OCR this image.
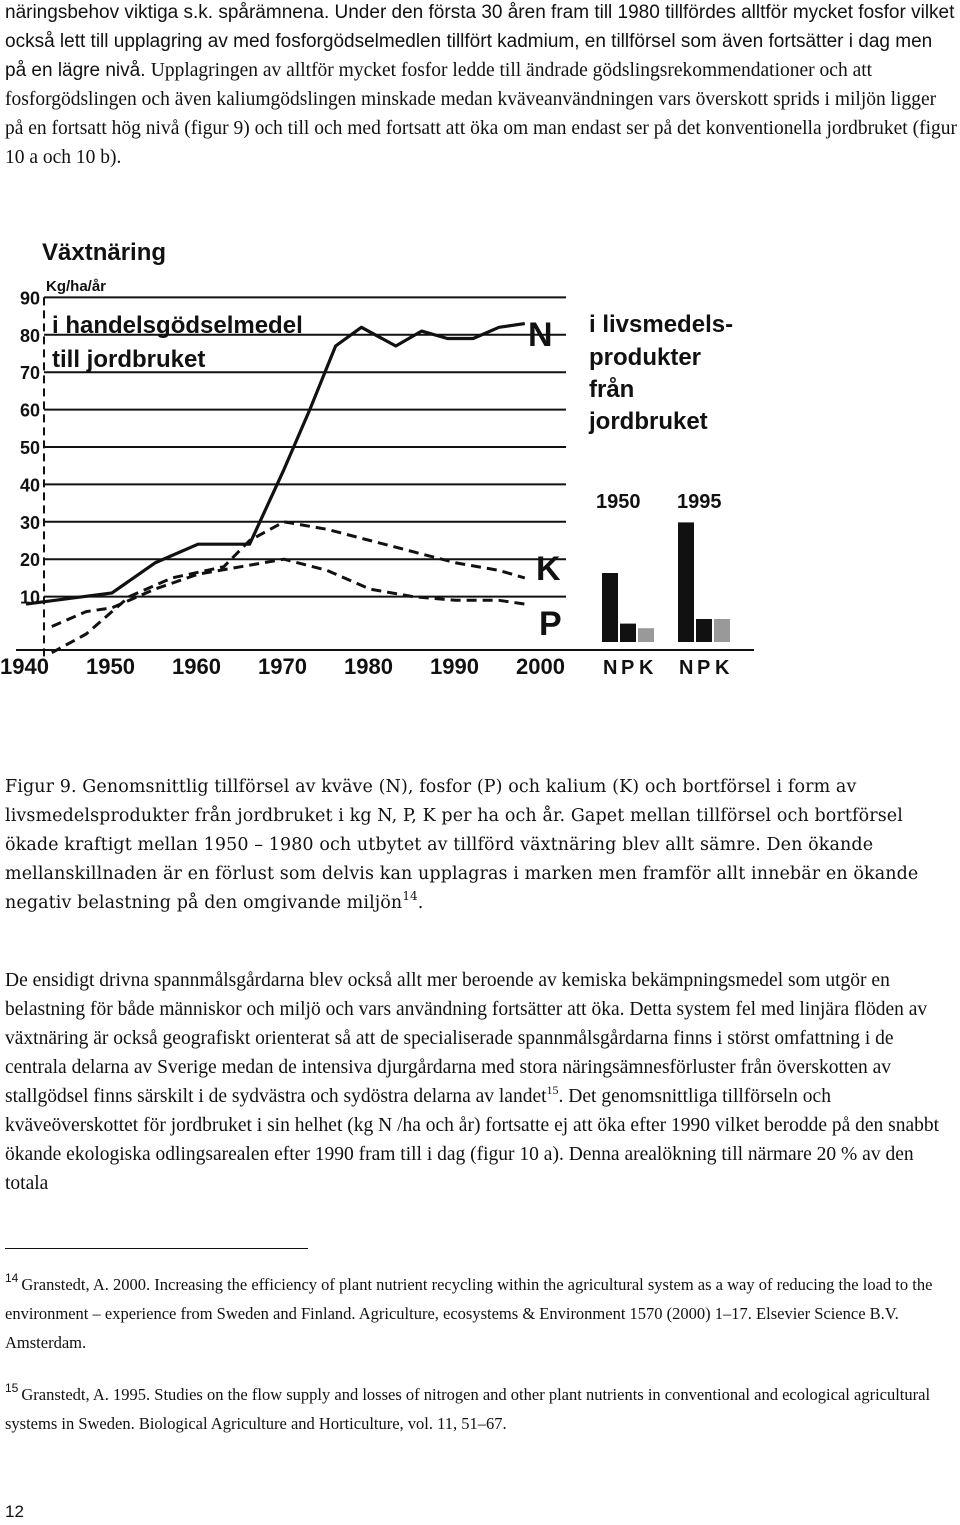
näringsbehov viktiga s.k. spårämnena. Under den första 30 åren fram till 1980 tillfördes alltför mycket fosfor vilket också lett till upplagring av med fosforgödselmedlen tillfört kadmium, en tillförsel som även fortsätter i dag men på en lägre nivå. Upplagringen av alltför mycket fosfor ledde till ändrade gödslingsrekommendationer och att fosforgödslingen och även kaliumgödslingen minskade medan kväveanvändningen vars överskott sprids i miljön ligger på en fortsatt hög nivå (figur 9) och till och med fortsatt att öka om man endast ser på det konventionella jordbruket (figur 10 a och 10 b).

90
80
70
60
50
40
30
20
10
1940 1950 1960 1970 1980 1990 2000 N P K N P K
Växtnäring
Kg/ha/år
i handelsgödselmedel
till jordbruket
i livsmedels-
produkter
från
jordbruket
1950 1995
N
K
P

Figur 9. Genomsnittlig tillförsel av kväve (N), fosfor (P) och kalium (K) och bortförsel i form av livsmedelsprodukter från jordbruket i kg N, P, K per ha och år. Gapet mellan tillförsel och bortförsel ökade kraftigt mellan 1950 – 1980 och utbytet av tillförd växtnäring blev allt sämre. Den ökande mellanskillnaden är en förlust som delvis kan upplagras i marken men framför allt innebär en ökande negativ belastning på den omgivande miljön$^{14}$.

De ensidigt drivna spannmålsgårdarna blev också allt mer beroende av kemiska bekämpningsmedel som utgör en belastning för både människor och miljö och vars användning fortsätter att öka. Detta system fel med linjära flöden av växtnäring är också geografiskt orienterat så att de specialiserade spannmålsgårdarna finns i störst omfattning i de centrala delarna av Sverige medan de intensiva djurgårdarna med stora näringsämnesförluster från överskotten av stallgödsel finns särskilt i de sydvästra och sydöstra delarna av landet$^{15}$. Det genomsnittliga tillförseln och kväveöverskottet för jordbruket i sin helhet (kg N /ha och år) fortsatte ej att öka efter 1990 vilket berodde på den snabbt ökande ekologiska odlingsarealen efter 1990 fram till i dag (figur 10 a). Denna arealökning till närmare 20 % av den totala

$^{14}$ Granstedt, A. 2000. Increasing the efficiency of plant nutrient recycling within the agricultural system as a way of reducing the load to the environment – experience from Sweden and Finland. Agriculture, ecosystems & Environment 1570 (2000) 1–17. Elsevier Science B.V. Amsterdam.

$^{15}$ Granstedt, A. 1995. Studies on the flow supply and losses of nitrogen and other plant nutrients in conventional and ecological agricultural systems in Sweden. Biological Agriculture and Horticulture, vol. 11, 51–67.

12
